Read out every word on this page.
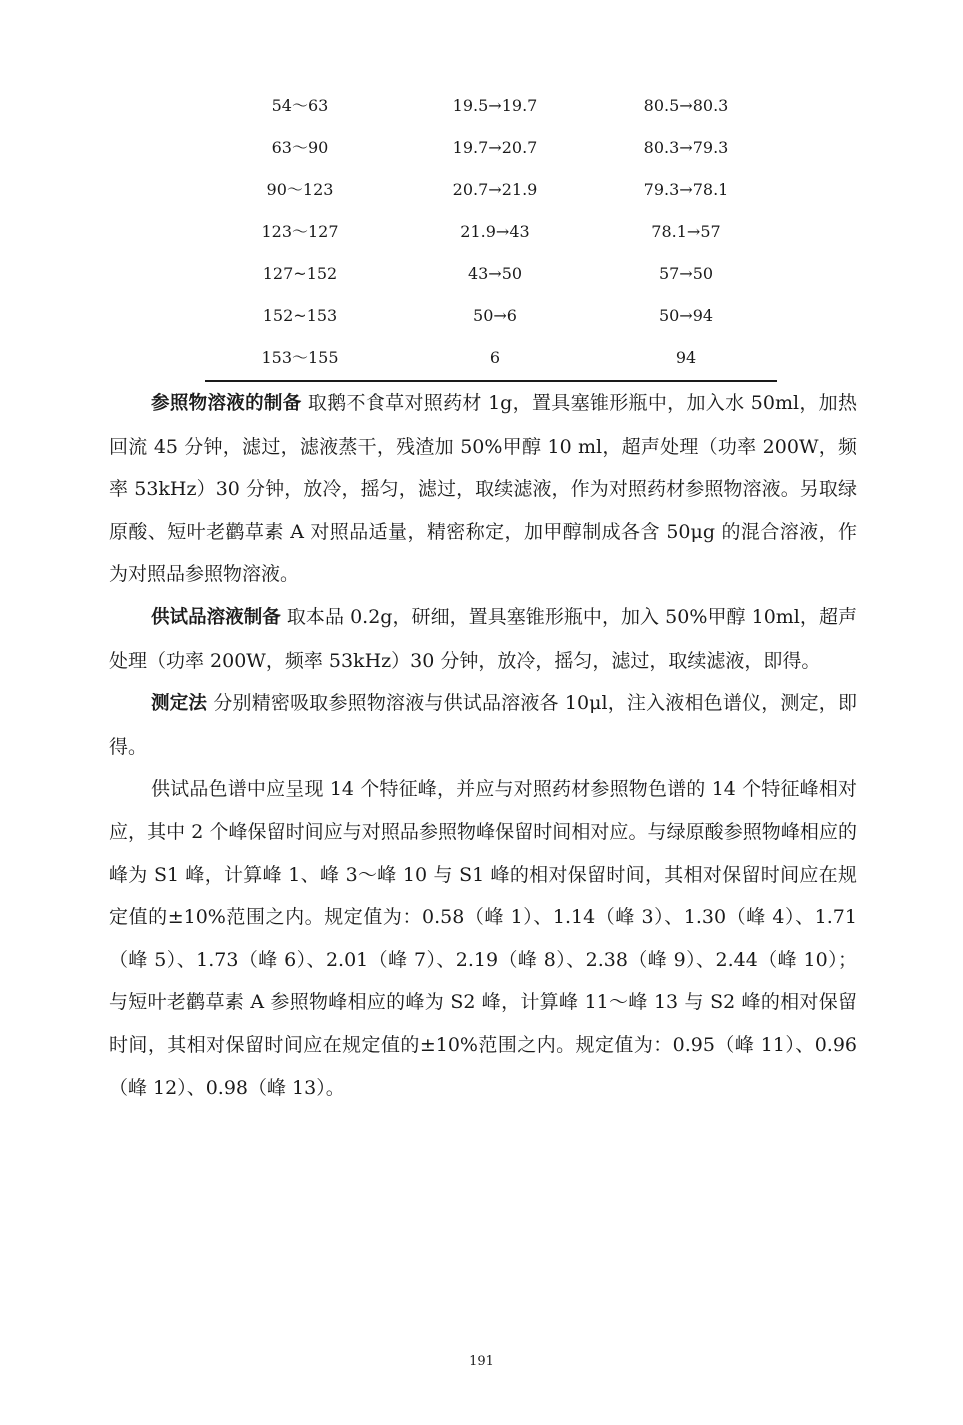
54～63	19.5→19.7	80.5→80.3
63～90	19.7→20.7	80.3→79.3
90～123	20.7→21.9	79.3→78.1
123～127	21.9→43	78.1→57
127~152	43→50	57→50
152~153	50→6	50→94
153～155	6	94

参照物溶液的制备 取鹅不食草对照药材 1g，置具塞锥形瓶中，加入水 50ml，加热回流 45 分钟，滤过，滤液蒸干，残渣加 50%甲醇 10 ml，超声处理（功率 200W，频率 53kHz）30 分钟，放冷，摇匀，滤过，取续滤液，作为对照药材参照物溶液。另取绿原酸、短叶老鹳草素 A 对照品适量，精密称定，加甲醇制成各含 50μg 的混合溶液，作为对照品参照物溶液。

供试品溶液制备 取本品 0.2g，研细，置具塞锥形瓶中，加入 50%甲醇 10ml，超声处理（功率 200W，频率 53kHz）30 分钟，放冷，摇匀，滤过，取续滤液，即得。

测定法 分别精密吸取参照物溶液与供试品溶液各 10μl，注入液相色谱仪，测定，即得。

供试品色谱中应呈现 14 个特征峰，并应与对照药材参照物色谱的 14 个特征峰相对应，其中 2 个峰保留时间应与对照品参照物峰保留时间相对应。与绿原酸参照物峰相应的峰为 S1 峰，计算峰 1、峰 3～峰 10 与 S1 峰的相对保留时间，其相对保留时间应在规定值的±10%范围之内。规定值为：0.58（峰 1）、1.14（峰 3）、1.30（峰 4）、1.71（峰 5）、1.73（峰 6）、2.01（峰 7）、2.19（峰 8）、2.38（峰 9）、2.44（峰 10）；与短叶老鹳草素 A 参照物峰相应的峰为 S2 峰，计算峰 11～峰 13 与 S2 峰的相对保留时间，其相对保留时间应在规定值的±10%范围之内。规定值为：0.95（峰 11）、0.96（峰 12）、0.98（峰 13）。

191
